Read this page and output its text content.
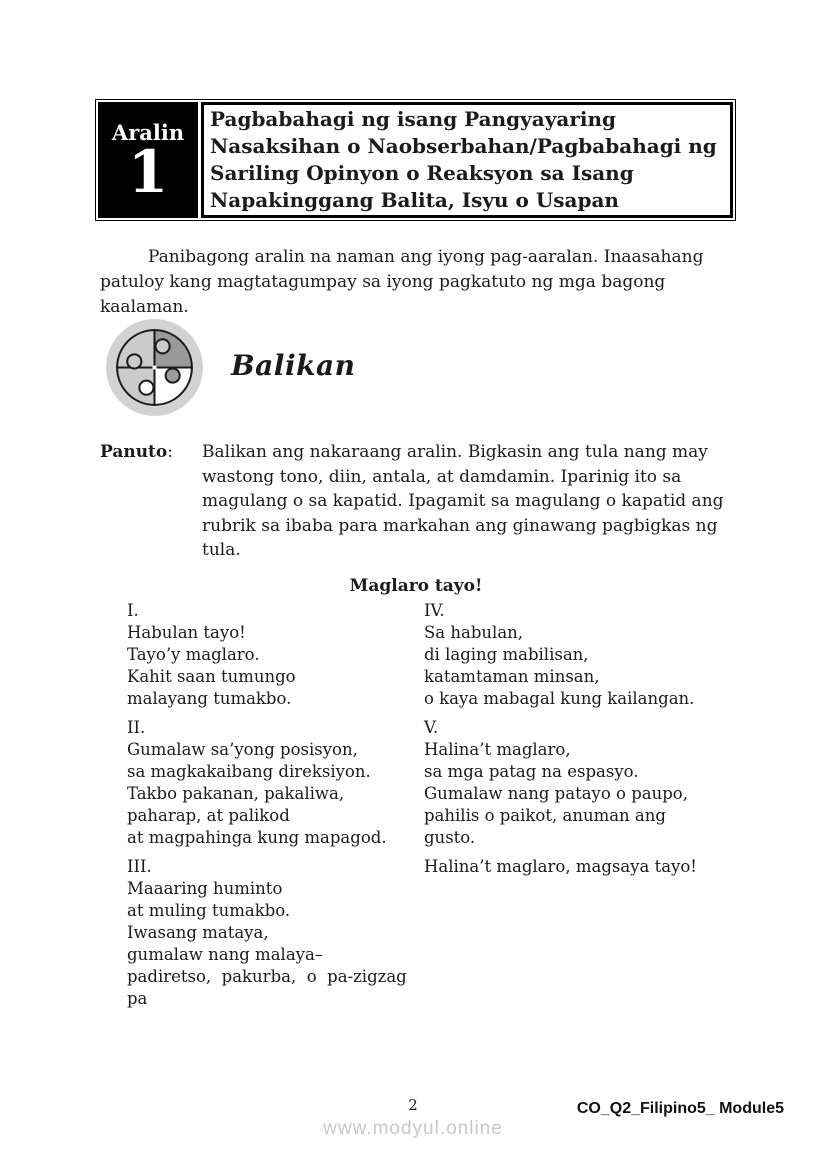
Aralin
1
Pagbabahagi ng isang Pangyayaring
Nasaksihan o Naobserbahan/Pagbabahagi ng
Sariling Opinyon o Reaksyon sa Isang
Napakinggang Balita, Isyu o Usapan
Panibagong aralin na naman ang iyong pag-aaralan. Inaasahang
patuloy kang magtatagumpay sa iyong pagkatuto ng mga bagong kaalaman.
Balikan
Panuto:	Balikan ang nakaraang aralin. Bigkasin ang tula nang may
wastong tono, diin, antala, at damdamin. Iparinig ito sa
magulang o sa kapatid. Ipagamit sa magulang o kapatid ang
rubrik sa ibaba para markahan ang ginawang pagbigkas ng
tula.
Maglaro tayo!
I.
Habulan tayo!
Tayo’y maglaro.
Kahit saan tumungo
malayang tumakbo.
II.
Gumalaw sa’yong posisyon,
sa magkakaibang direksiyon.
Takbo pakanan, pakaliwa,
paharap, at palikod
at magpahinga kung mapagod.
III.
Maaaring huminto
at muling tumakbo.
Iwasang mataya,
gumalaw nang malaya–
padiretso,  pakurba,  o  pa-zigzag
pa
IV.
Sa habulan,
di laging mabilisan,
katamtaman minsan,
o kaya mabagal kung kailangan.
V.
Halina’t maglaro,
sa mga patag na espasyo.
Gumalaw nang patayo o paupo,
pahilis o paikot, anuman ang
gusto.
Halina’t maglaro, magsaya tayo!
2
www.modyul.online
CO_Q2_Filipino5_ Module5
